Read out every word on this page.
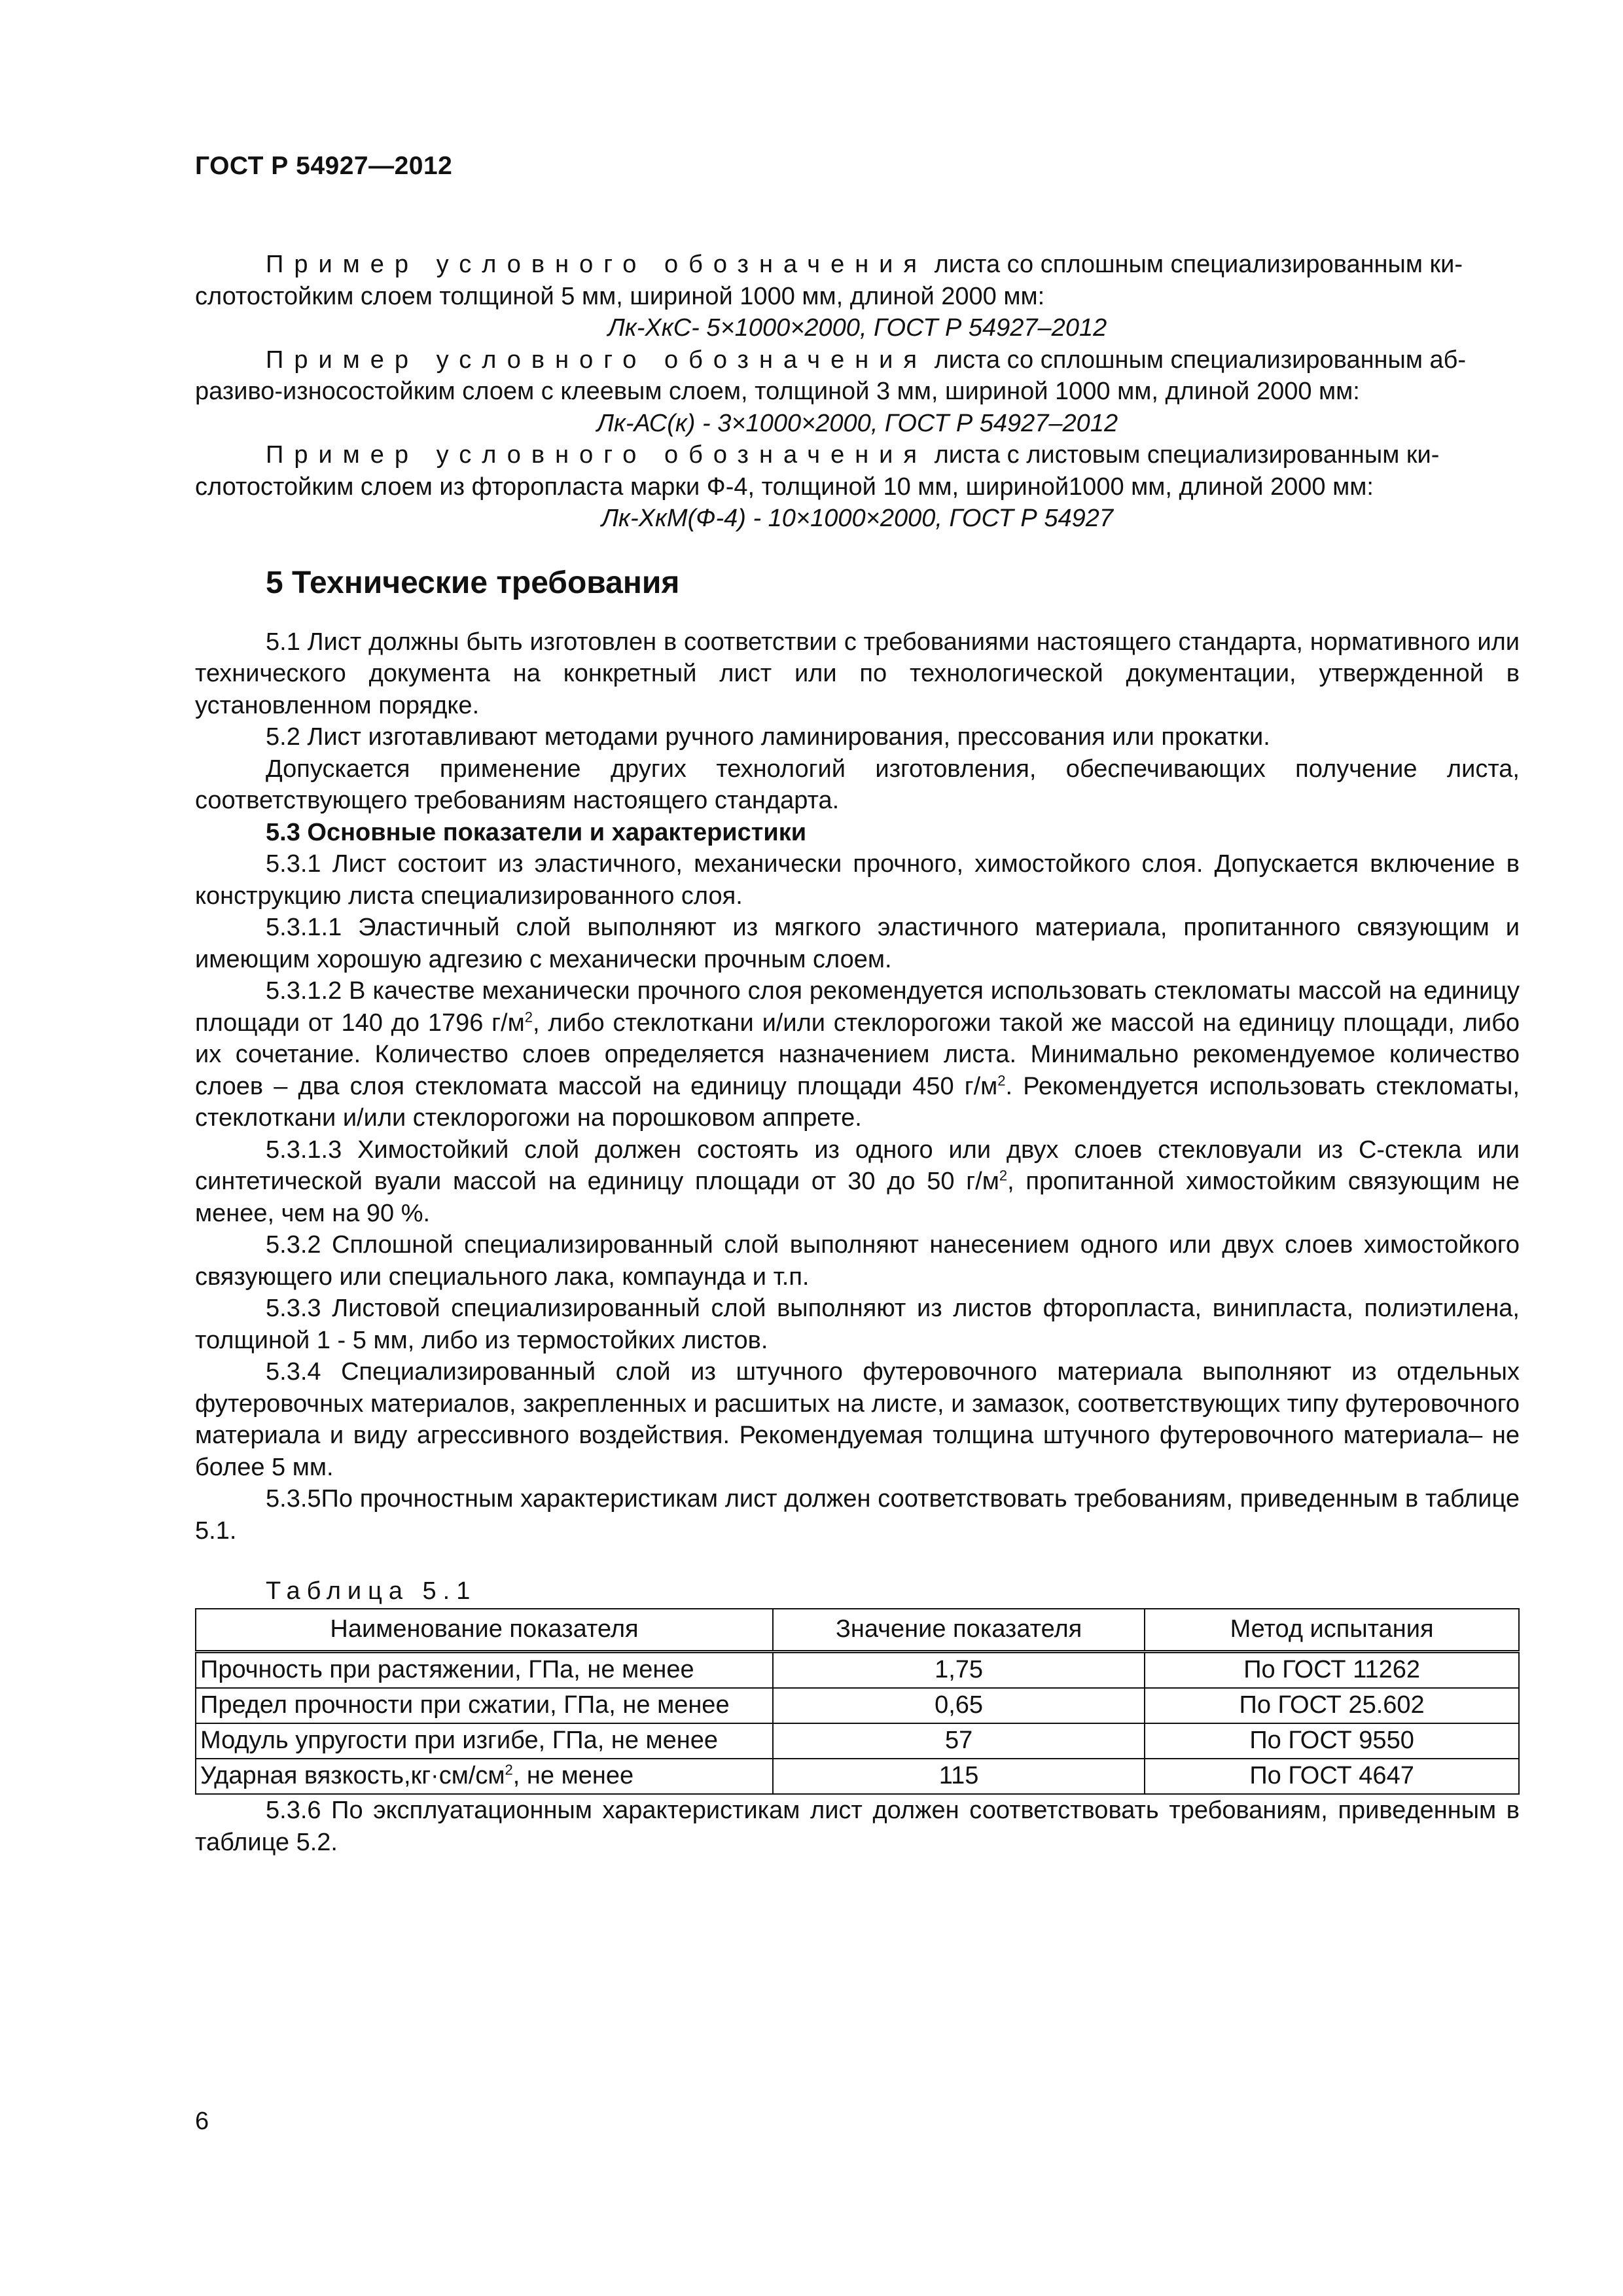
ГОСТ Р 54927—2012

Пример условного обозначения листа со сплошным специализированным ки-

слотостойким слоем толщиной 5 мм, шириной 1000 мм, длиной 2000 мм:

Лк-ХкС- 5×1000×2000, ГОСТ Р 54927‒2012

Пример условного обозначения листа со сплошным специализированным аб-

разиво-износостойким слоем с клеевым слоем, толщиной 3 мм, шириной 1000 мм, длиной 2000 мм:

Лк-АС(к) - 3×1000×2000, ГОСТ Р 54927‒2012

Пример условного обозначения листа с листовым специализированным ки-

слотостойким слоем из фторопласта марки Ф-4, толщиной 10 мм, шириной1000 мм, длиной 2000 мм:

Лк-ХкМ(Ф-4) - 10×1000×2000, ГОСТ Р 54927

5 Технические требования

5.1 Лист должны быть изготовлен в соответствии с требованиями настоящего стандарта, нормативного или технического документа на конкретный лист или по технологической документации, утвержденной в установленном порядке.

5.2 Лист изготавливают методами ручного ламинирования, прессования или прокатки.

Допускается применение других технологий изготовления, обеспечивающих получение листа, соответствующего требованиям настоящего стандарта.

5.3 Основные показатели и характеристики

5.3.1 Лист состоит из эластичного, механически прочного, химостойкого слоя. Допускается включение в конструкцию листа специализированного слоя.

5.3.1.1 Эластичный слой выполняют из мягкого эластичного материала, пропитанного связующим и имеющим хорошую адгезию с механически прочным слоем.

5.3.1.2 В качестве механически прочного слоя рекомендуется использовать стекломаты массой на единицу площади от 140 до 1796 $г/м^2$, либо стеклоткани и/или стеклорогожи такой же массой на единицу площади, либо их сочетание. Количество слоев определяется назначением листа. Минимально рекомендуемое количество слоев – два слоя стекломата массой на единицу площади 450 $г/м^2$. Рекомендуется использовать стекломаты, стеклоткани и/или стеклорогожи на порошковом аппрете.

5.3.1.3 Химостойкий слой должен состоять из одного или двух слоев стекловуали из С-стекла или синтетической вуали массой на единицу площади от 30 до 50 $г/м^2$, пропитанной химостойким связующим не менее, чем на 90 %.

5.3.2 Сплошной специализированный слой выполняют нанесением одного или двух слоев химостойкого связующего или специального лака, компаунда и т.п.

5.3.3 Листовой специализированный слой выполняют из листов фторопласта, винипласта, полиэтилена, толщиной 1 - 5 мм, либо из термостойких листов.

5.3.4 Специализированный слой из штучного футеровочного материала выполняют из отдельных футеровочных материалов, закрепленных и расшитых на листе, и замазок, соответствующих типу футеровочного материала и виду агрессивного воздействия. Рекомендуемая толщина штучного футеровочного материала– не более 5 мм.

5.3.5По прочностным характеристикам лист должен соответствовать требованиям, приведенным в таблице 5.1.

Таблица 5.1
Наименование показателя	Значение показателя	Метод испытания
Прочность при растяжении, ГПа, не менее	1,75	По ГОСТ 11262
Предел прочности при сжатии, ГПа, не менее	0,65	По ГОСТ 25.602
Модуль упругости при изгибе, ГПа, не менее	57	По ГОСТ 9550
Ударная $вязкость,кг\cdot см/см^2$, не менее	115	По ГОСТ 4647

5.3.6 По эксплуатационным характеристикам лист должен соответствовать требованиям, приведенным в таблице 5.2.

6
